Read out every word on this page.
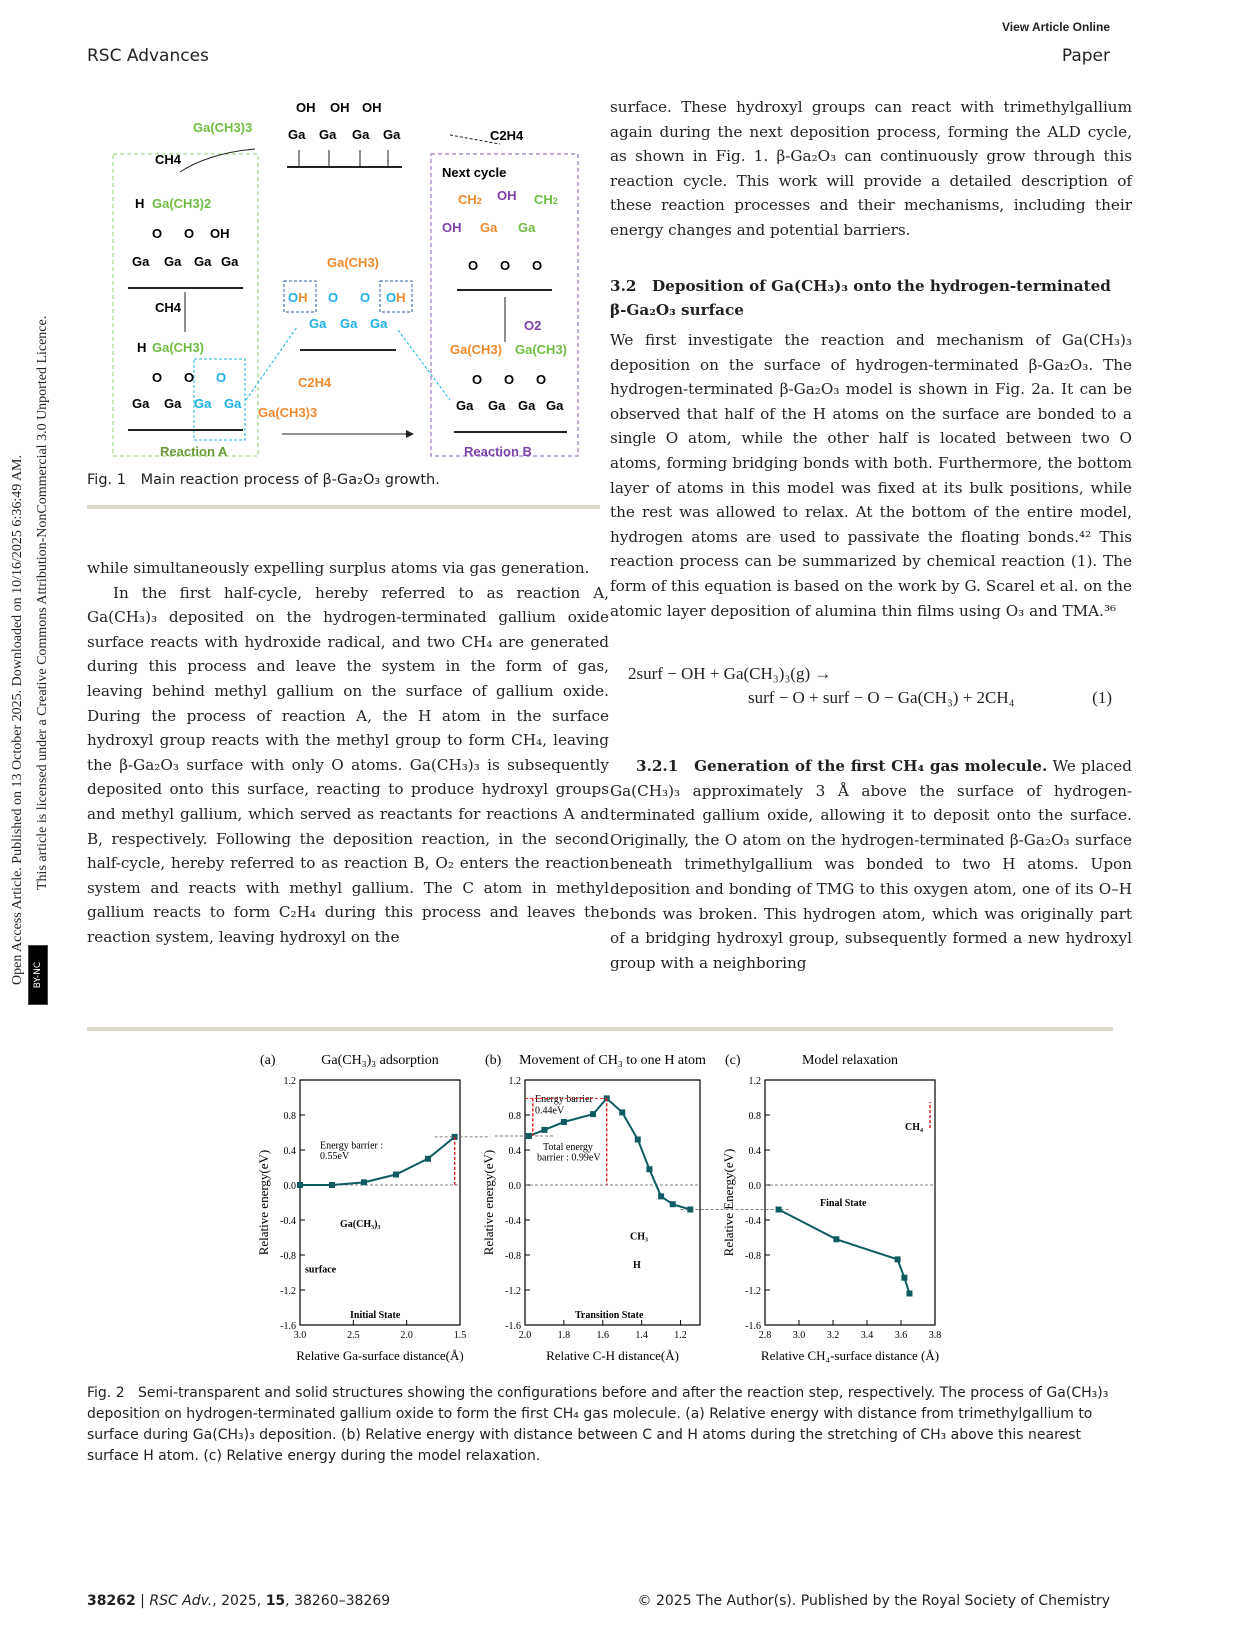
View Article Online
RSC Advances	Paper
Open Access Article. Published on 13 October 2025. Downloaded on 10/16/2025 6:36:49 AM. This article is licensed under a Creative Commons Attribution-NonCommercial 3.0 Unported Licence.
BY-NC
OH OH OH
Ga Ga Ga Ga
Ga(CH3)3
CH4
H Ga(CH3)2
O O OH
Ga Ga Ga Ga
CH4
H Ga(CH3)
O O O
Ga Ga Ga Ga
Reaction A
Ga(CH3)
OH O O OH
Ga Ga Ga
C2H4
Ga(CH3)3
C2H4
Next cycle
CH2 OH CH2
OH Ga Ga
O O O
O2
Ga(CH3) Ga(CH3)
O O O
Ga Ga Ga Ga
Reaction B
Fig. 1 Main reaction process of β-Ga₂O₃ growth.

surface. These hydroxyl groups can react with trimethylgallium again during the next deposition process, forming the ALD cycle, as shown in Fig. 1. β-Ga₂O₃ can continuously grow through this reaction cycle. This work will provide a detailed description of these reaction processes and their mechanisms, including their energy changes and potential barriers.

3.2 Deposition of Ga(CH₃)₃ onto the hydrogen-terminated β-Ga₂O₃ surface

We first investigate the reaction and mechanism of Ga(CH₃)₃ deposition on the surface of hydrogen-terminated β-Ga₂O₃. The hydrogen-terminated β-Ga₂O₃ model is shown in Fig. 2a. It can be observed that half of the H atoms on the surface are bonded to a single O atom, while the other half is located between two O atoms, forming bridging bonds with both. Furthermore, the bottom layer of atoms in this model was fixed at its bulk positions, while the rest was allowed to relax. At the bottom of the entire model, hydrogen atoms are used to passivate the floating bonds.⁴² This reaction process can be summarized by chemical reaction (1). The form of this equation is based on the work by G. Scarel et al. on the atomic layer deposition of alumina thin films using O₃ and TMA.³⁶

2surf − OH + Ga(CH₃)₃(g) →
surf − O + surf − O − Ga(CH₃) + 2CH₄	(1)

3.2.1 Generation of the first CH₄ gas molecule. We placed Ga(CH₃)₃ approximately 3 Å above the surface of hydrogen-terminated gallium oxide, allowing it to deposit onto the surface. Originally, the O atom on the hydrogen-terminated β-Ga₂O₃ surface beneath trimethylgallium was bonded to two H atoms. Upon deposition and bonding of TMG to this oxygen atom, one of its O–H bonds was broken. This hydrogen atom, which was originally part of a bridging hydroxyl group, subsequently formed a new hydroxyl group with a neighboring

while simultaneously expelling surplus atoms via gas generation.

In the first half-cycle, hereby referred to as reaction A, Ga(CH₃)₃ deposited on the hydrogen-terminated gallium oxide surface reacts with hydroxide radical, and two CH₄ are generated during this process and leave the system in the form of gas, leaving behind methyl gallium on the surface of gallium oxide. During the process of reaction A, the H atom in the surface hydroxyl group reacts with the methyl group to form CH₄, leaving the β-Ga₂O₃ surface with only O atoms. Ga(CH₃)₃ is subsequently deposited onto this surface, reacting to produce hydroxyl groups and methyl gallium, which served as reactants for reactions A and B, respectively. Following the deposition reaction, in the second half-cycle, hereby referred to as reaction B, O₂ enters the reaction system and reacts with methyl gallium. The C atom in methyl gallium reacts to form C₂H₄ during this process and leaves the reaction system, leaving hydroxyl on the

(a)	Ga(CH₃)₃ adsorption
1.2
0.8
0.4
0.0
-0.4
-0.8
-1.2
-1.6
3.0	2.5	2.0	1.5
Relative Ga-surface distance(Å)
Relative energy(eV)
Energy barrier :
0.55eV
Ga(CH₃)₃
surface
Initial State
(b) Movement of CH₃ to one H atom
1.2
0.8
0.4
0.0
-0.4
-0.8
-1.2
-1.6
2.0	1.8	1.6	1.4	1.2
Relative C-H distance(Å)
Relative energy(eV)
Energy barrier
0.44eV
Total energy
barrier : 0.99eV
CH₃
H
Transition State
(c)	Model relaxation
1.2
0.8
0.4
0.0
-0.4
-0.8
-1.2
-1.6
2.8 3.0 3.2 3.4 3.6 3.8
Relative CH₄-surface distance (Å)
Relative Energy(eV)
CH₄
Final State
Fig. 2 Semi-transparent and solid structures showing the configurations before and after the reaction step, respectively. The process of Ga(CH₃)₃ deposition on hydrogen-terminated gallium oxide to form the first CH₄ gas molecule. (a) Relative energy with distance from trimethylgallium to surface during Ga(CH₃)₃ deposition. (b) Relative energy with distance between C and H atoms during the stretching of CH₃ above this nearest surface H atom. (c) Relative energy during the model relaxation.
38262 | RSC Adv., 2025, 15, 38260–38269	© 2025 The Author(s). Published by the Royal Society of Chemistry
